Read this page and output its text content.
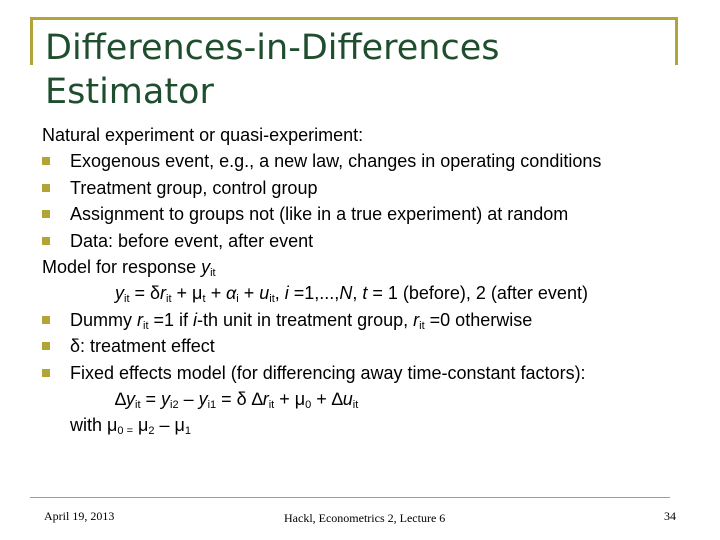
Differences-in-Differences
Estimator
Natural experiment or quasi-experiment:
Exogenous event, e.g., a new law, changes in operating conditions
Treatment group, control group
Assignment to groups not (like in a true experiment) at random
Data: before event, after event
Model for response $y_{it}$
$y_{it} = \delta r_{it} + \mu_t + \alpha_i + u_{it}$, i =1,...,N, t = 1 (before), 2 (after event)
Dummy $r_{it} =1$ if i-th unit in treatment group, $r_{it} =0$ otherwise
δ: treatment effect
Fixed effects model (for differencing away time-constant factors):
$\Delta y_{it} = y_{i2} - y_{i1} = \delta$ $\Delta r_{it} + \mu_0 + \Delta u_{it}$
with $\mu_{0 =}$ $\mu_2 - \mu_1$
April 19, 2013	Hackl, Econometrics 2, Lecture 6	34
